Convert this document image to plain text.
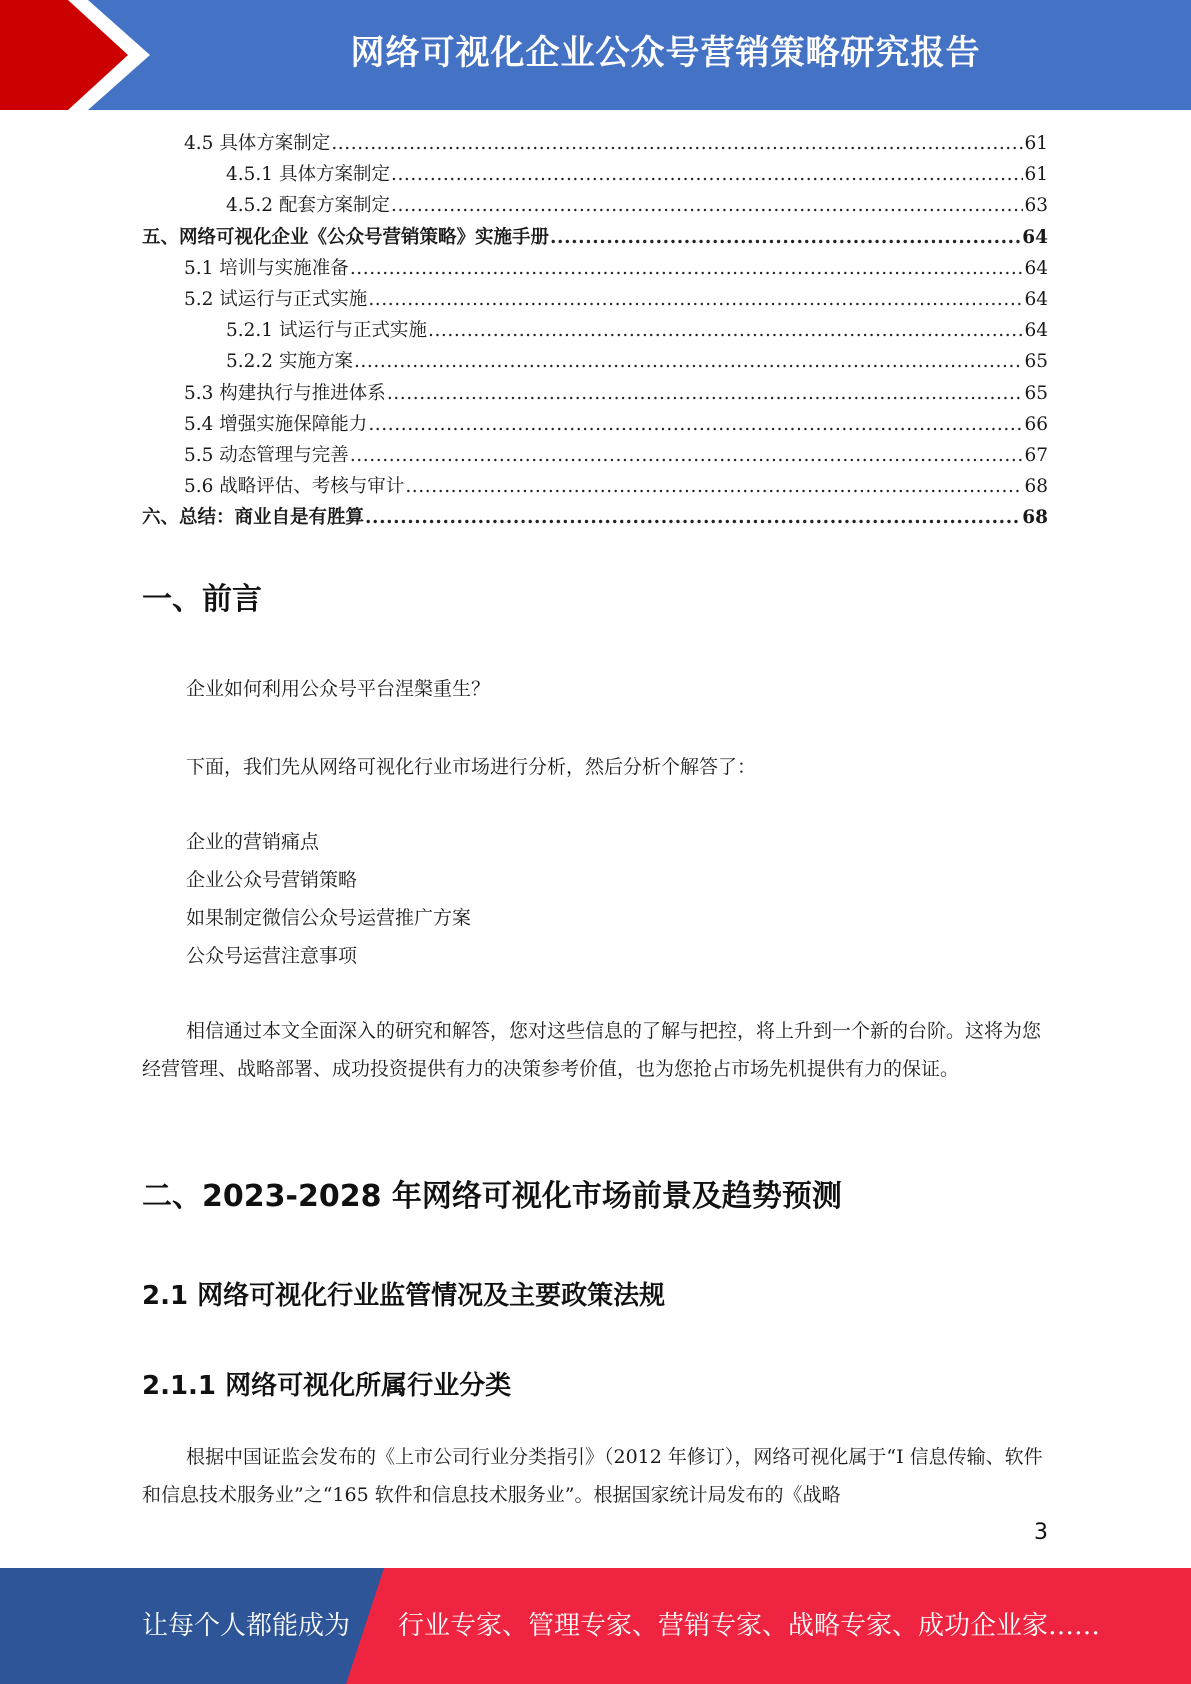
网络可视化企业公众号营销策略研究报告
4.5 具体方案制定 .....	61
4.5.1 具体方案制定 .....	61
4.5.2 配套方案制定 .....	63
五、网络可视化企业《公众号营销策略》实施手册 .....	64
5.1 培训与实施准备 .....	64
5.2 试运行与正式实施 .....	64
5.2.1 试运行与正式实施 .....	64
5.2.2 实施方案 .....	65
5.3 构建执行与推进体系 .....	65
5.4 增强实施保障能力 .....	66
5.5 动态管理与完善 .....	67
5.6 战略评估、考核与审计 .....	68
六、总结：商业自是有胜算 .....	68
一、前言
企业如何利用公众号平台涅槃重生？
下面，我们先从网络可视化行业市场进行分析，然后分析个解答了：
企业的营销痛点
企业公众号营销策略
如果制定微信公众号运营推广方案
公众号运营注意事项
相信通过本文全面深入的研究和解答，您对这些信息的了解与把控，将上升到一个新的台阶。这将为您经营管理、战略部署、成功投资提供有力的决策参考价值，也为您抢占市场先机提供有力的保证。
二、2023-2028 年网络可视化市场前景及趋势预测
2.1 网络可视化行业监管情况及主要政策法规
2.1.1 网络可视化所属行业分类
根据中国证监会发布的《上市公司行业分类指引》（2012 年修订），网络可视化属于“I 信息传输、软件和信息技术服务业”之“165 软件和信息技术服务业”。根据国家统计局发布的《战略
3
让每个人都能成为 行业专家、管理专家、营销专家、战略专家、成功企业家……
